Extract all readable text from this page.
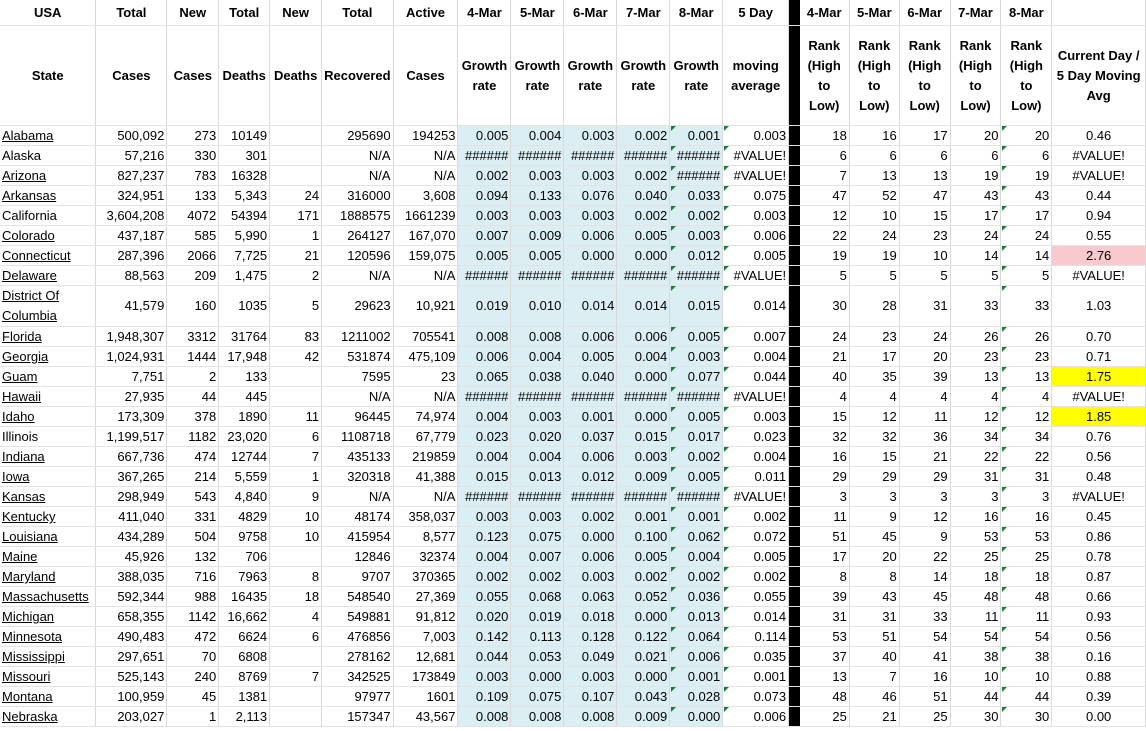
USA	Total	New	Total	New	Total	Active	4-Mar	5-Mar	6-Mar	7-Mar	8-Mar	5 Day		4-Mar	5-Mar	6-Mar	7-Mar	8-Mar	
State	Cases	Cases	Deaths	Deaths	Recovered	Cases	Growth rate	Growth rate	Growth rate	Growth rate	Growth rate	moving average		Rank (High to Low)	Rank (High to Low)	Rank (High to Low)	Rank (High to Low)	Rank (High to Low)	Current Day / 5 Day Moving Avg
Alabama	500,092	273	10149		295690	194253	0.005	0.004	0.003	0.002	0.001	0.003		18	16	17	20	20	0.46
Alaska	57,216	330	301		N/A	N/A	######	######	######	######	######	#VALUE!		6	6	6	6	6	#VALUE!
Arizona	827,237	783	16328		N/A	N/A	0.002	0.003	0.003	0.002	######	#VALUE!		7	13	13	19	19	#VALUE!
Arkansas	324,951	133	5,343	24	316000	3,608	0.094	0.133	0.076	0.040	0.033	0.075		47	52	47	43	43	0.44
California	3,604,208	4072	54394	171	1888575	1661239	0.003	0.003	0.003	0.002	0.002	0.003		12	10	15	17	17	0.94
Colorado	437,187	585	5,990	1	264127	167,070	0.007	0.009	0.006	0.005	0.003	0.006		22	24	23	24	24	0.55
Connecticut	287,396	2066	7,725	21	120596	159,075	0.005	0.005	0.000	0.000	0.012	0.005		19	19	10	14	14	2.76
Delaware	88,563	209	1,475	2	N/A	N/A	######	######	######	######	######	#VALUE!		5	5	5	5	5	#VALUE!
District Of Columbia	41,579	160	1035	5	29623	10,921	0.019	0.010	0.014	0.014	0.015	0.014		30	28	31	33	33	1.03
Florida	1,948,307	3312	31764	83	1211002	705541	0.008	0.008	0.006	0.006	0.005	0.007		24	23	24	26	26	0.70
Georgia	1,024,931	1444	17,948	42	531874	475,109	0.006	0.004	0.005	0.004	0.003	0.004		21	17	20	23	23	0.71
Guam	7,751	2	133		7595	23	0.065	0.038	0.040	0.000	0.077	0.044		40	35	39	13	13	1.75
Hawaii	27,935	44	445		N/A	N/A	######	######	######	######	######	#VALUE!		4	4	4	4	4	#VALUE!
Idaho	173,309	378	1890	11	96445	74,974	0.004	0.003	0.001	0.000	0.005	0.003		15	12	11	12	12	1.85
Illinois	1,199,517	1182	23,020	6	1108718	67,779	0.023	0.020	0.037	0.015	0.017	0.023		32	32	36	34	34	0.76
Indiana	667,736	474	12744	7	435133	219859	0.004	0.004	0.006	0.003	0.002	0.004		16	15	21	22	22	0.56
Iowa	367,265	214	5,559	1	320318	41,388	0.015	0.013	0.012	0.009	0.005	0.011		29	29	29	31	31	0.48
Kansas	298,949	543	4,840	9	N/A	N/A	######	######	######	######	######	#VALUE!		3	3	3	3	3	#VALUE!
Kentucky	411,040	331	4829	10	48174	358,037	0.003	0.003	0.002	0.001	0.001	0.002		11	9	12	16	16	0.45
Louisiana	434,289	504	9758	10	415954	8,577	0.123	0.075	0.000	0.100	0.062	0.072		51	45	9	53	53	0.86
Maine	45,926	132	706		12846	32374	0.004	0.007	0.006	0.005	0.004	0.005		17	20	22	25	25	0.78
Maryland	388,035	716	7963	8	9707	370365	0.002	0.002	0.003	0.002	0.002	0.002		8	8	14	18	18	0.87
Massachusetts	592,344	988	16435	18	548540	27,369	0.055	0.068	0.063	0.052	0.036	0.055		39	43	45	48	48	0.66
Michigan	658,355	1142	16,662	4	549881	91,812	0.020	0.019	0.018	0.000	0.013	0.014		31	31	33	11	11	0.93
Minnesota	490,483	472	6624	6	476856	7,003	0.142	0.113	0.128	0.122	0.064	0.114		53	51	54	54	54	0.56
Mississippi	297,651	70	6808		278162	12,681	0.044	0.053	0.049	0.021	0.006	0.035		37	40	41	38	38	0.16
Missouri	525,143	240	8769	7	342525	173849	0.003	0.000	0.003	0.000	0.001	0.001		13	7	16	10	10	0.88
Montana	100,959	45	1381		97977	1601	0.109	0.075	0.107	0.043	0.028	0.073		48	46	51	44	44	0.39
Nebraska	203,027	1	2,113		157347	43,567	0.008	0.008	0.008	0.009	0.000	0.006		25	21	25	30	30	0.00
